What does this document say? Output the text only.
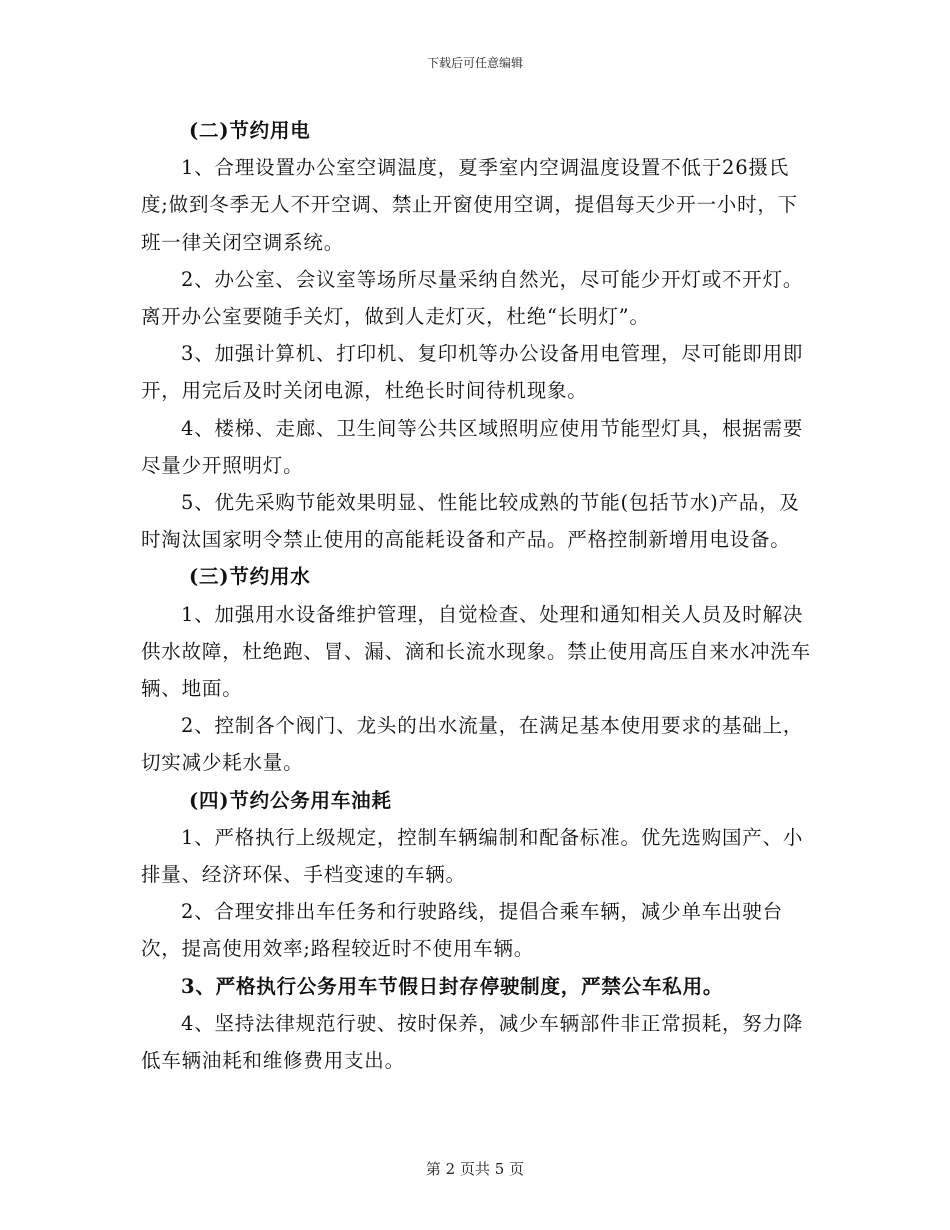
下载后可任意编辑

(二)节约用电

1、合理设置办公室空调温度，夏季室内空调温度设置不低于26摄氏度;做到冬季无人不开空调、禁止开窗使用空调，提倡每天少开一小时，下班一律关闭空调系统。

2、办公室、会议室等场所尽量采纳自然光，尽可能少开灯或不开灯。离开办公室要随手关灯，做到人走灯灭，杜绝“长明灯”。

3、加强计算机、打印机、复印机等办公设备用电管理，尽可能即用即开，用完后及时关闭电源，杜绝长时间待机现象。

4、楼梯、走廊、卫生间等公共区域照明应使用节能型灯具，根据需要尽量少开照明灯。

5、优先采购节能效果明显、性能比较成熟的节能(包括节水)产品，及时淘汰国家明令禁止使用的高能耗设备和产品。严格控制新增用电设备。

(三)节约用水

1、加强用水设备维护管理，自觉检查、处理和通知相关人员及时解决供水故障，杜绝跑、冒、漏、滴和长流水现象。禁止使用高压自来水冲洗车辆、地面。

2、控制各个阀门、龙头的出水流量，在满足基本使用要求的基础上，切实减少耗水量。

(四)节约公务用车油耗

1、严格执行上级规定，控制车辆编制和配备标准。优先选购国产、小排量、经济环保、手档变速的车辆。

2、合理安排出车任务和行驶路线，提倡合乘车辆，减少单车出驶台次，提高使用效率;路程较近时不使用车辆。

3、严格执行公务用车节假日封存停驶制度，严禁公车私用。

4、坚持法律规范行驶、按时保养，减少车辆部件非正常损耗，努力降低车辆油耗和维修费用支出。

第 2 页共 5 页
